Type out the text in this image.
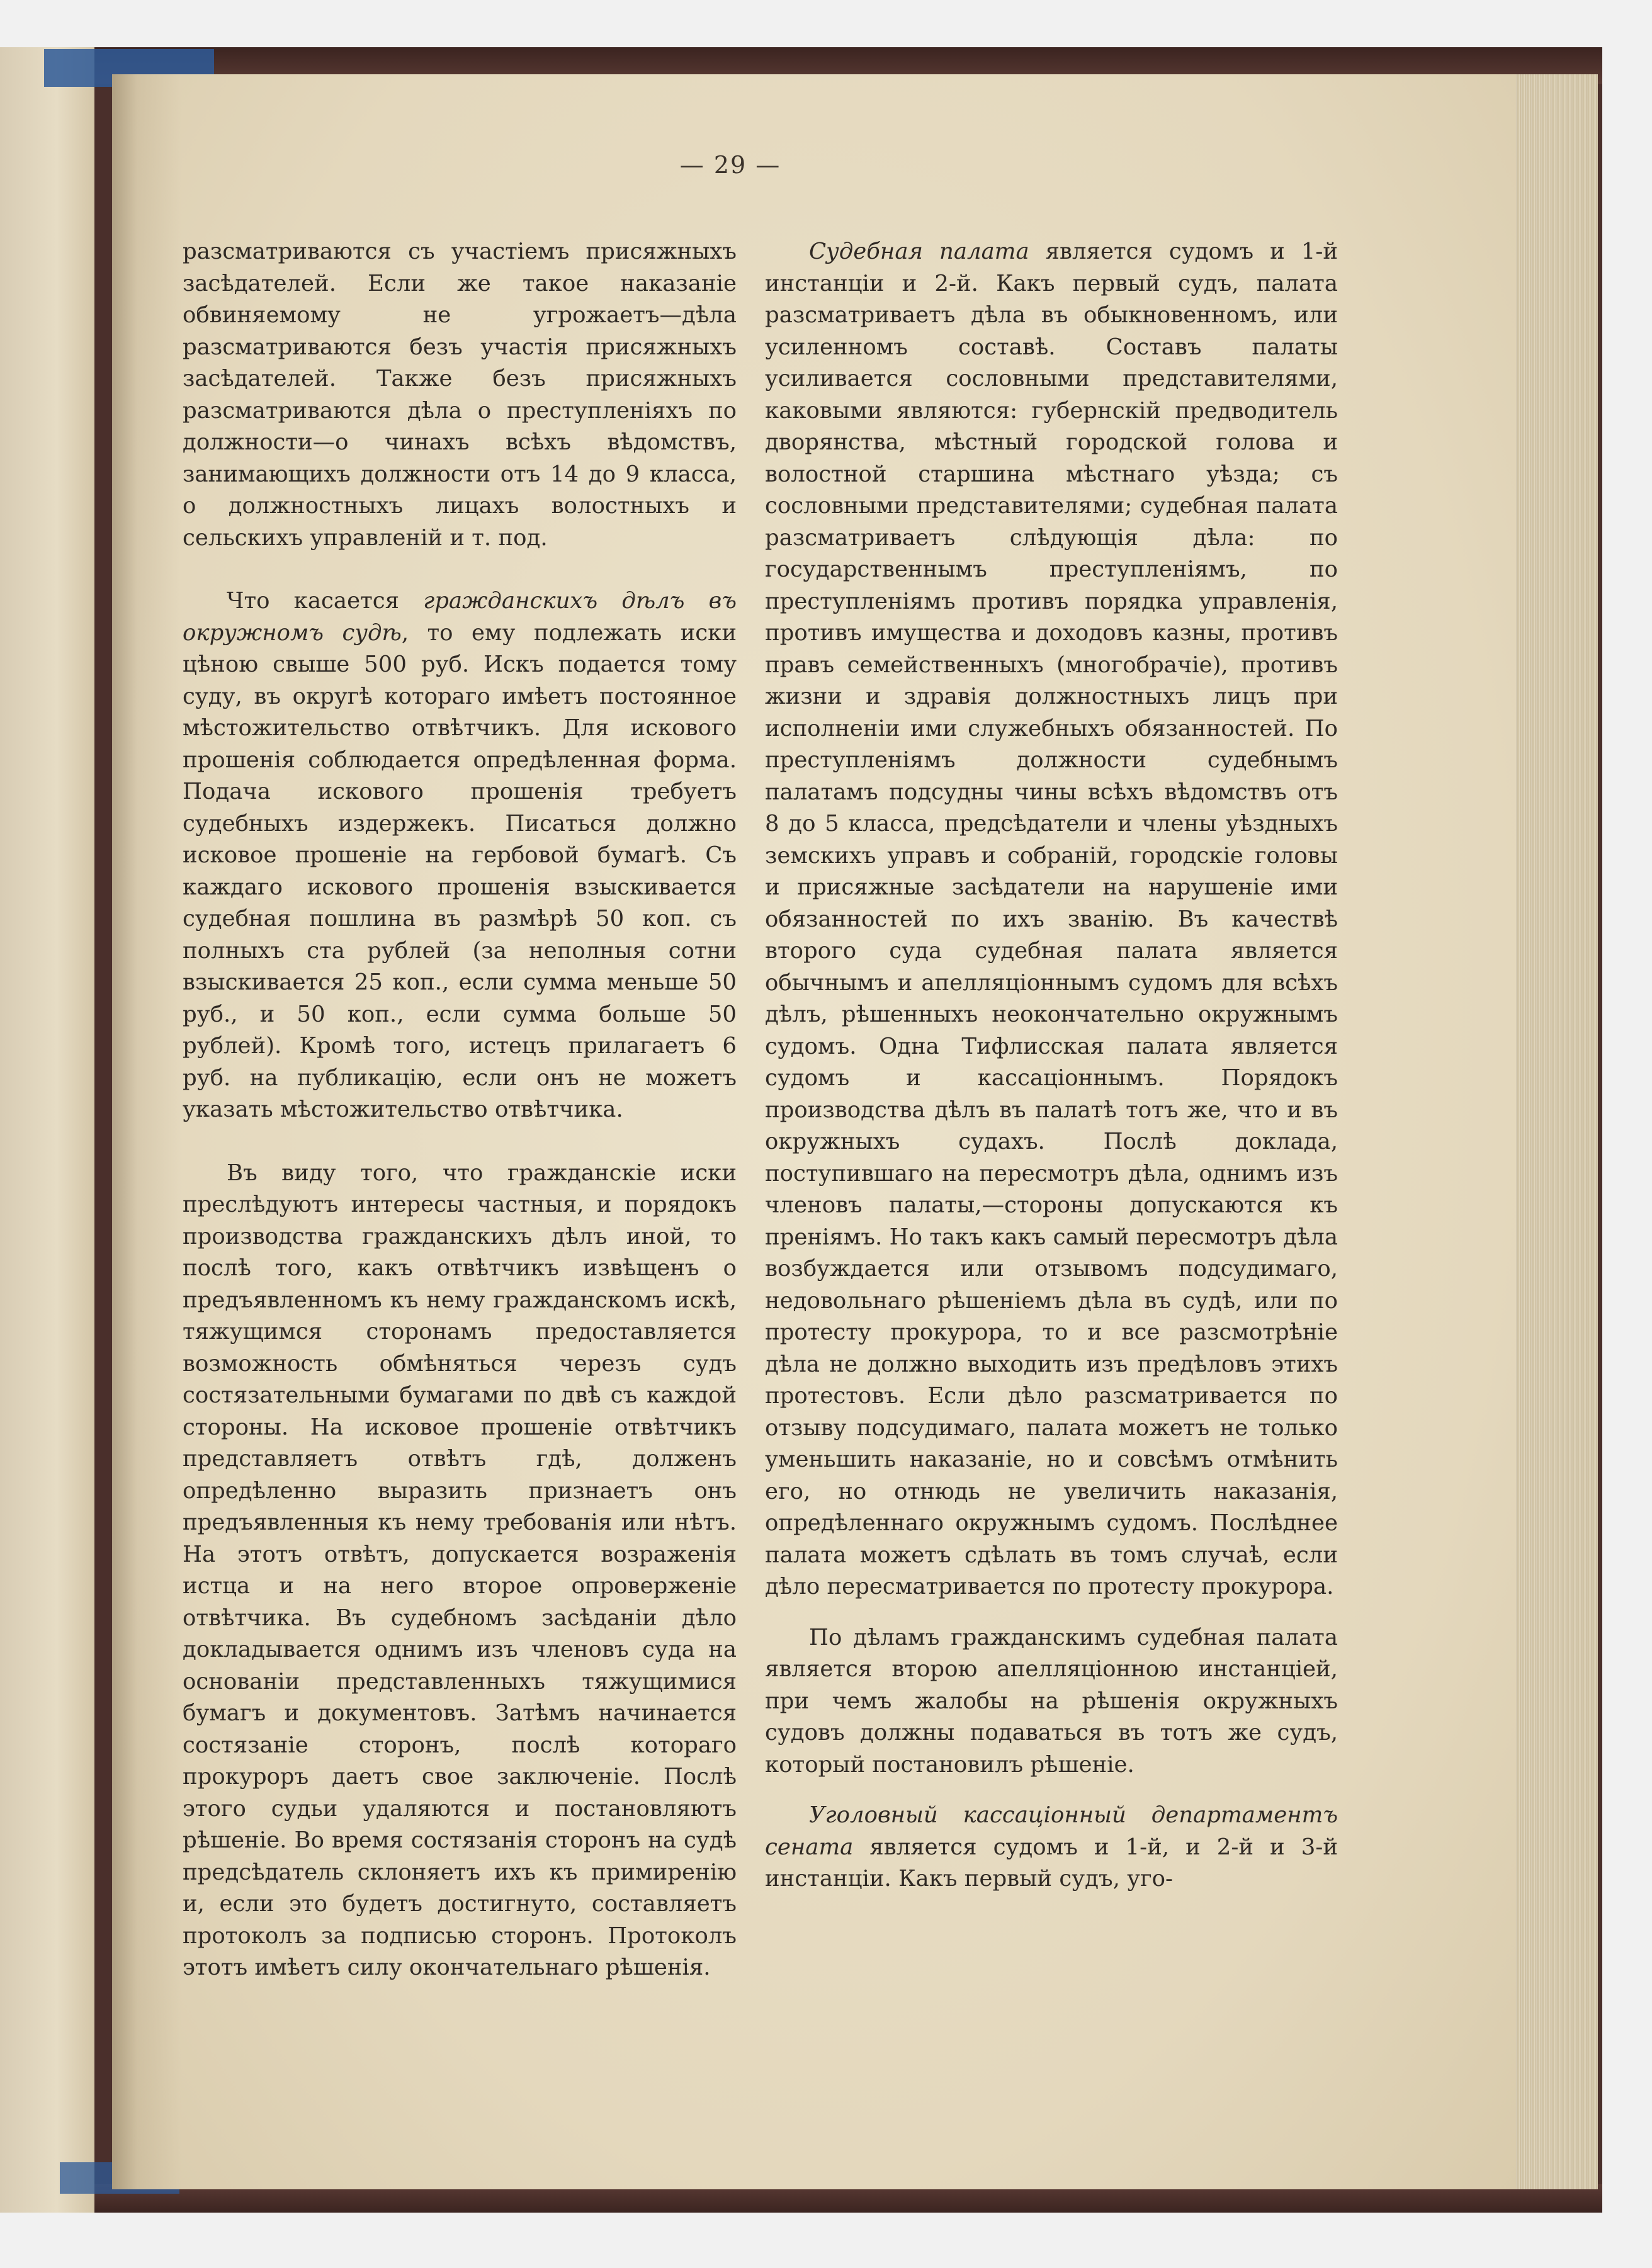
— 29 —

разсматриваются съ участіемъ присяжныхъ засѣдателей. Если же такое наказаніе обвиняемому не угрожаетъ—дѣла разсматриваются безъ участія присяжныхъ засѣдателей. Также безъ присяжныхъ разсматриваются дѣла о преступленіяхъ по должности—о чинахъ всѣхъ вѣдомствъ, занимающихъ должности отъ 14 до 9 класса, о должностныхъ лицахъ волостныхъ и сельскихъ управленій и т. под.

Что касается гражданскихъ дѣлъ въ окружномъ судѣ, то ему подлежать иски цѣною свыше 500 руб. Искъ подается тому суду, въ округѣ котораго имѣетъ постоянное мѣстожительство отвѣтчикъ. Для искового прошенія соблюдается опредѣленная форма. Подача искового прошенія требуетъ судебныхъ издержекъ. Писаться должно исковое прошеніе на гербовой бумагѣ. Съ каждаго искового прошенія взыскивается судебная пошлина въ размѣрѣ 50 коп. съ полныхъ ста рублей (за неполныя сотни взыскивается 25 коп., если сумма меньше 50 руб., и 50 коп., если сумма больше 50 рублей). Кромѣ того, истецъ прилагаетъ 6 руб. на публикацію, если онъ не можетъ указать мѣстожительство отвѣтчика.

Въ виду того, что гражданскіе иски преслѣдуютъ интересы частныя, и порядокъ производства гражданскихъ дѣлъ иной, то послѣ того, какъ отвѣтчикъ извѣщенъ о предъявленномъ къ нему гражданскомъ искѣ, тяжущимся сторонамъ предоставляется возможность обмѣняться черезъ судъ состязательными бумагами по двѣ съ каждой стороны. На исковое прошеніе отвѣтчикъ представляетъ отвѣтъ гдѣ, долженъ опредѣленно выразить признаетъ онъ предъявленныя къ нему требованія или нѣтъ. На этотъ отвѣтъ, допускается возраженія истца и на него второе опроверженіе отвѣтчика. Въ судебномъ засѣданіи дѣло докладывается однимъ изъ членовъ суда на основаніи представленныхъ тяжущимися бумагъ и документовъ. Затѣмъ начинается состязаніе сторонъ, послѣ котораго прокуроръ даетъ свое заключеніе. Послѣ этого судьи удаляются и постановляютъ рѣшеніе. Во время состязанія сторонъ на судѣ предсѣдатель склоняетъ ихъ къ примиренію и, если это будетъ достигнуто, составляетъ протоколъ за подписью сторонъ. Протоколъ этотъ имѣетъ силу окончательнаго рѣшенія.

Судебная палата является судомъ и 1-й инстанціи и 2-й. Какъ первый судъ, палата разсматриваетъ дѣла въ обыкновенномъ, или усиленномъ составѣ. Составъ палаты усиливается сословными представителями, каковыми являются: губернскій предводитель дворянства, мѣстный городской голова и волостной старшина мѣстнаго уѣзда; съ сословными представителями; судебная палата разсматриваетъ слѣдующія дѣла: по государственнымъ преступленіямъ, по преступленіямъ противъ порядка управленія, противъ имущества и доходовъ казны, противъ правъ семейственныхъ (многобрачіе), противъ жизни и здравія должностныхъ лицъ при исполненіи ими служебныхъ обязанностей. По преступленіямъ должности судебнымъ палатамъ подсудны чины всѣхъ вѣдомствъ отъ 8 до 5 класса, предсѣдатели и члены уѣздныхъ земскихъ управъ и собраній, городскіе головы и присяжные засѣдатели на нарушеніе ими обязанностей по ихъ званію. Въ качествѣ второго суда судебная палата является обычнымъ и апелляціоннымъ судомъ для всѣхъ дѣлъ, рѣшенныхъ неокончательно окружнымъ судомъ. Одна Тифлисская палата является судомъ и кассаціоннымъ. Порядокъ производства дѣлъ въ палатѣ тотъ же, что и въ окружныхъ судахъ. Послѣ доклада, поступившаго на пересмотръ дѣла, однимъ изъ членовъ палаты,—стороны допускаются къ преніямъ. Но такъ какъ самый пересмотръ дѣла возбуждается или отзывомъ подсудимаго, недовольнаго рѣшеніемъ дѣла въ судѣ, или по протесту прокурора, то и все разсмотрѣніе дѣла не должно выходить изъ предѣловъ этихъ протестовъ. Если дѣло разсматривается по отзыву подсудимаго, палата можетъ не только уменьшить наказаніе, но и совсѣмъ отмѣнить его, но отнюдь не увеличить наказанія, опредѣленнаго окружнымъ судомъ. Послѣднее палата можетъ сдѣлать въ томъ случаѣ, если дѣло пересматривается по протесту прокурора.

По дѣламъ гражданскимъ судебная палата является второю апелляціонною инстанціей, при чемъ жалобы на рѣшенія окружныхъ судовъ должны подаваться въ тотъ же судъ, который постановилъ рѣшеніе.

Уголовный кассаціонный департаментъ сената является судомъ и 1-й, и 2-й и 3-й инстанціи. Какъ первый судъ, уго-
